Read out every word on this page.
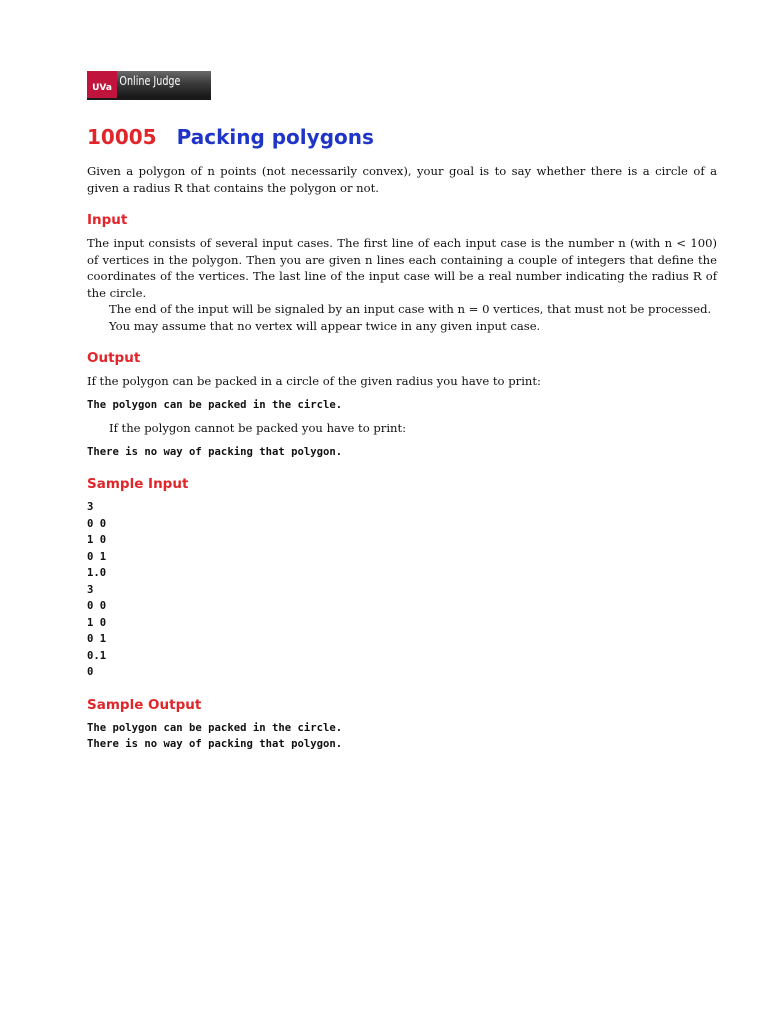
UVa Online Judge
10005 Packing polygons

Given a polygon of n points (not necessarily convex), your goal is to say whether there is a circle of a given a radius R that contains the polygon or not.

Input

The input consists of several input cases. The first line of each input case is the number n (with n < 100) of vertices in the polygon. Then you are given n lines each containing a couple of integers that define the coordinates of the vertices. The last line of the input case will be a real number indicating the radius R of the circle.

The end of the input will be signaled by an input case with n = 0 vertices, that must not be processed.

You may assume that no vertex will appear twice in any given input case.

Output

If the polygon can be packed in a circle of the given radius you have to print:

The polygon can be packed in the circle.

If the polygon cannot be packed you have to print:

There is no way of packing that polygon.
Sample Input
3
0 0
1 0
0 1
1.0
3
0 0
1 0
0 1
0.1
0
Sample Output
The polygon can be packed in the circle.
There is no way of packing that polygon.
